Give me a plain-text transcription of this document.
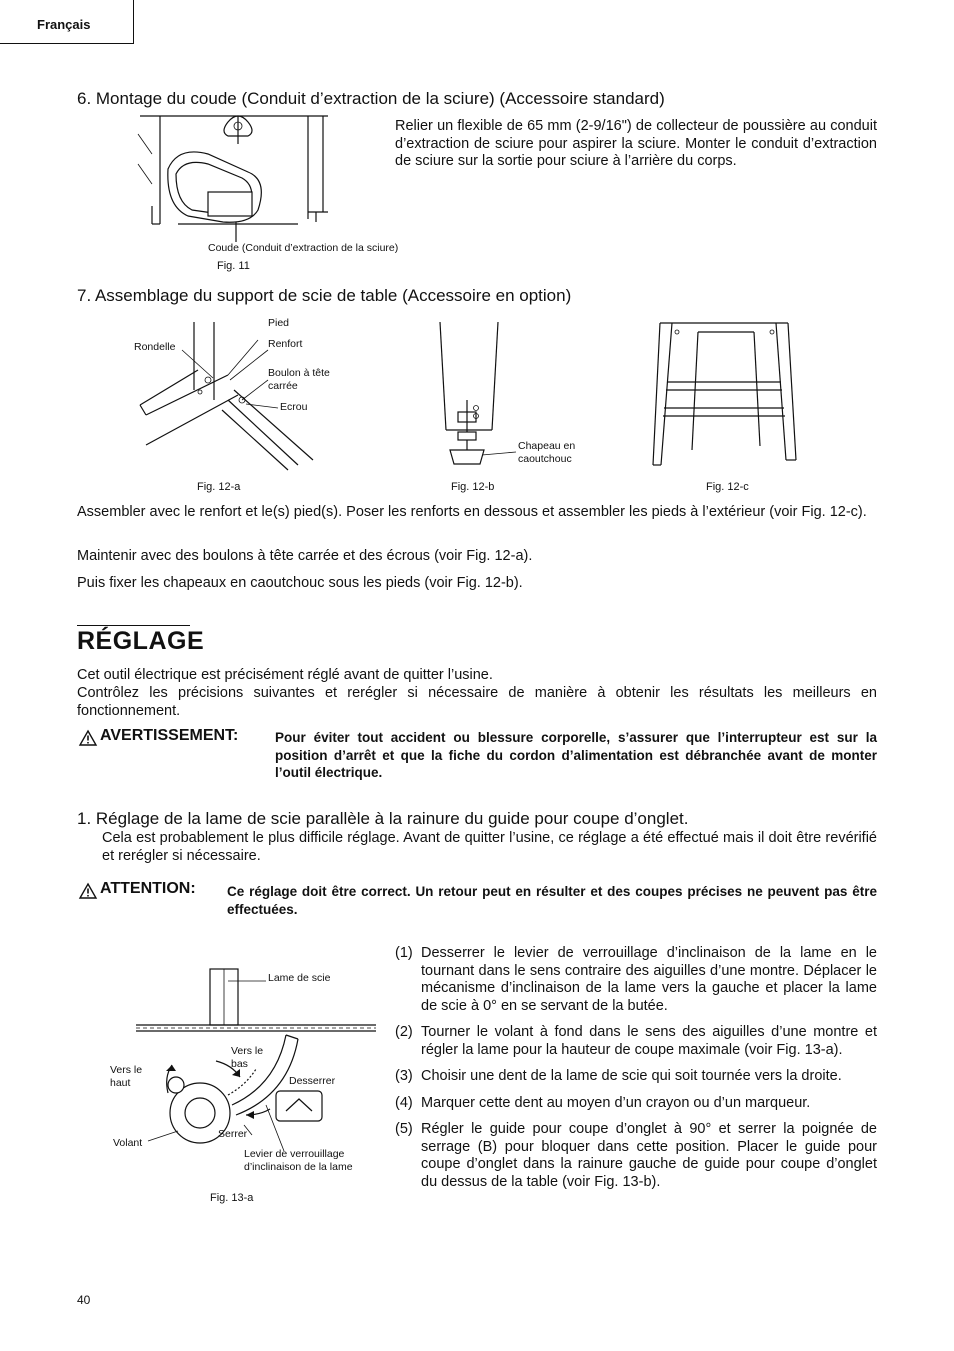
Français
6. Montage du coude (Conduit d’extraction de la sciure) (Accessoire standard)
Coude (Conduit d’extraction de la sciure)
Fig. 11
Relier un flexible de 65 mm (2-9/16") de collecteur de poussière au conduit d’extraction de sciure pour aspirer la sciure. Monter le conduit d’extraction de sciure sur la sortie pour sciure à l’arrière du corps.
7. Assemblage du support de scie de table (Accessoire en option)
Pied
Rondelle	Renfort
Boulon à tête
carrée
Ecrou
Fig. 12-a
Chapeau en
caoutchouc
Fig. 12-b	Fig. 12-c
Assembler avec le renfort et le(s) pied(s). Poser les renforts en dessous et assembler les pieds à l’extérieur (voir Fig. 12-c).
Maintenir avec des boulons à tête carrée et des écrous (voir Fig. 12-a).
Puis fixer les chapeaux en caoutchouc sous les pieds (voir Fig. 12-b).
RÉGLAGE
Cet outil électrique est précisément réglé avant de quitter l’usine.
Contrôlez les précisions suivantes et rerégler si nécessaire de manière à obtenir les résultats les meilleurs en fonctionnement.
AVERTISSEMENT:	Pour éviter tout accident ou blessure corporelle, s’assurer que l’interrupteur est sur la position d’arrêt et que la fiche du cordon d’alimentation est débranchée avant de monter l’outil électrique.
1. Réglage de la lame de scie parallèle à la rainure du guide pour coupe d’onglet.
Cela est probablement le plus difficile réglage. Avant de quitter l’usine, ce réglage a été effectué mais il doit être revérifié et rerégler si nécessaire.
ATTENTION: Ce réglage doit être correct. Un retour peut en résulter et des coupes précises ne peuvent pas être effectuées.
Lame de scie
Vers le
bas
Vers le
haut	Desserrer
Serrer
Volant
Levier de verrouillage
d’inclinaison de la lame
Fig. 13-a
(1) Desserrer le levier de verrouillage d’inclinaison de la lame en le tournant dans le sens contraire des aiguilles d’une montre. Déplacer le mécanisme d’inclinaison de la lame vers la gauche et placer la lame de scie à 0° en se servant de la butée.
(2) Tourner le volant à fond dans le sens des aiguilles d’une montre et régler la lame pour la hauteur de coupe maximale (voir Fig. 13-a).
(3) Choisir une dent de la lame de scie qui soit tournée vers la droite.
(4) Marquer cette dent au moyen d’un crayon ou d’un marqueur.
(5) Régler le guide pour coupe d’onglet à 90° et serrer la poignée de serrage (B) pour bloquer dans cette position. Placer le guide pour coupe d’onglet dans la rainure gauche de guide pour coupe d’onglet du dessus de la table (voir Fig. 13-b).
40
